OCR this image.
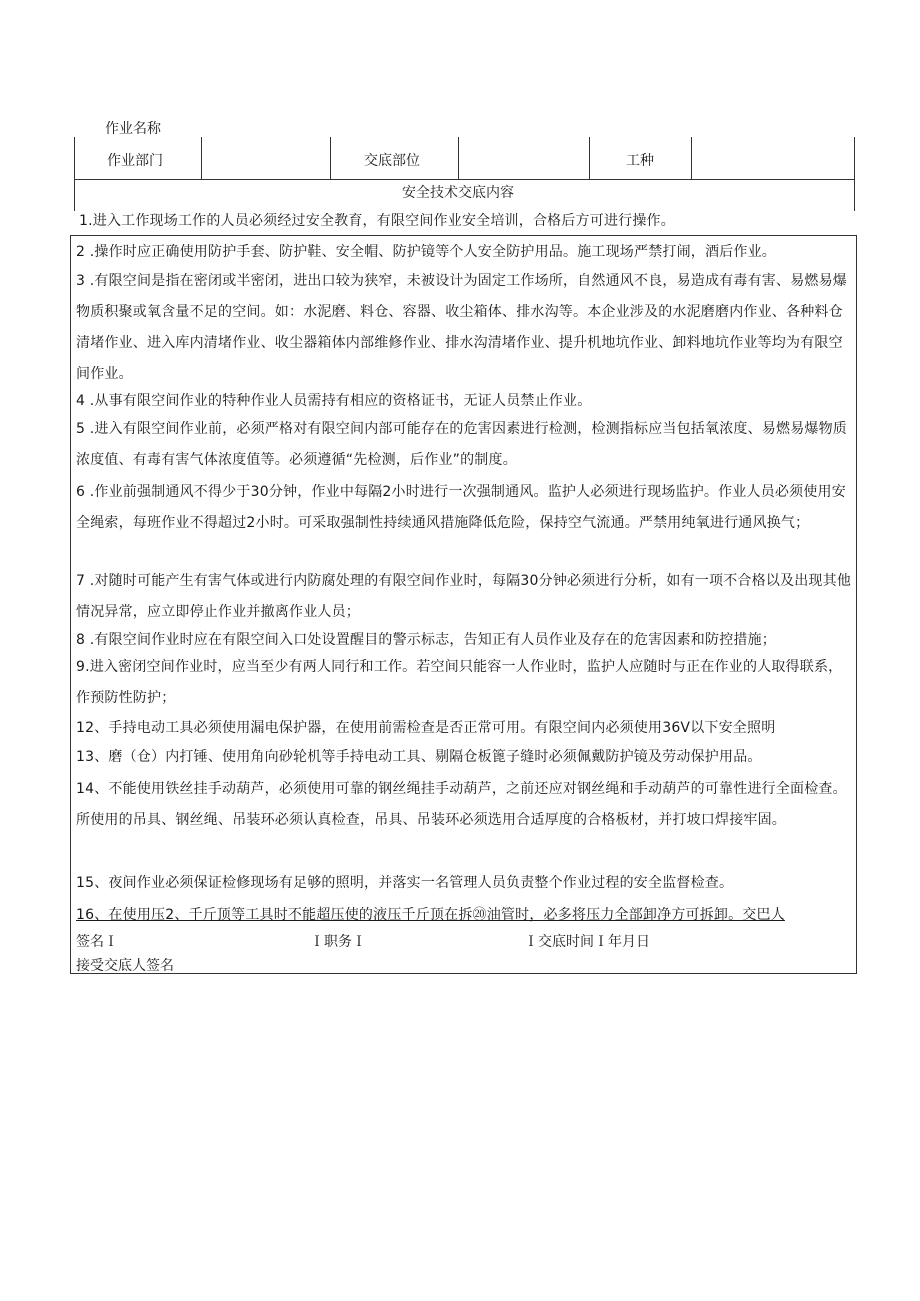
作业名称
作业部门	交底部位	工种
安全技术交底内容
1.进入工作现场工作的人员必须经过安全教育，有限空间作业安全培训，合格后方可进行操作。
2 .操作时应正确使用防护手套、防护鞋、安全帽、防护镜等个人安全防护用品。施工现场严禁打闹，酒后作业。
3 .有限空间是指在密闭或半密闭，进出口较为狭窄，未被设计为固定工作场所，自然通风不良，易造成有毒有害、易燃易爆物质积聚或氧含量不足的空间。如：水泥磨、料仓、容器、收尘箱体、排水沟等。本企业涉及的水泥磨磨内作业、各种料仓清堵作业、进入库内清堵作业、收尘器箱体内部维修作业、排水沟清堵作业、提升机地坑作业、卸料地坑作业等均为有限空间作业。
4 .从事有限空间作业的特种作业人员需持有相应的资格证书，无证人员禁止作业。
5 .进入有限空间作业前，必须严格对有限空间内部可能存在的危害因素进行检测，检测指标应当包括氧浓度、易燃易爆物质浓度值、有毒有害气体浓度值等。必须遵循“先检测，后作业”的制度。
6 .作业前强制通风不得少于30分钟，作业中每隔2小时进行一次强制通风。监护人必须进行现场监护。作业人员必须使用安全绳索，每班作业不得超过2小时。可采取强制性持续通风措施降低危险，保持空气流通。严禁用纯氧进行通风换气；
7 .对随时可能产生有害气体或进行内防腐处理的有限空间作业时，每隔30分钟必须进行分析，如有一项不合格以及出现其他情况异常，应立即停止作业并撤离作业人员；
8 .有限空间作业时应在有限空间入口处设置醒目的警示标志，告知正有人员作业及存在的危害因素和防控措施；
9.进入密闭空间作业时，应当至少有两人同行和工作。若空间只能容一人作业时，监护人应随时与正在作业的人取得联系，作预防性防护；
12、手持电动工具必须使用漏电保护器，在使用前需检查是否正常可用。有限空间内必须使用36V以下安全照明
13、磨（仓）内打锤、使用角向砂轮机等手持电动工具、剔隔仓板篦子缝时必须佩戴防护镜及劳动保护用品。
14、不能使用铁丝挂手动葫芦，必须使用可靠的钢丝绳挂手动葫芦，之前还应对钢丝绳和手动葫芦的可靠性进行全面检查。所使用的吊具、钢丝绳、吊装环必须认真检查，吊具、吊装环必须选用合适厚度的合格板材，并打坡口焊接牢固。
15、夜间作业必须保证检修现场有足够的照明，并落实一名管理人员负责整个作业过程的安全监督检查。
16、在使用压2、千斤顶等工具时不能超压使的液压千斤顶在拆⑳油管时，必多将压力全部卸净方可拆卸。交巴人
签名Ｉ	Ｉ职务Ｉ	Ｉ交底时间Ｉ年月日
接受交底人签名
